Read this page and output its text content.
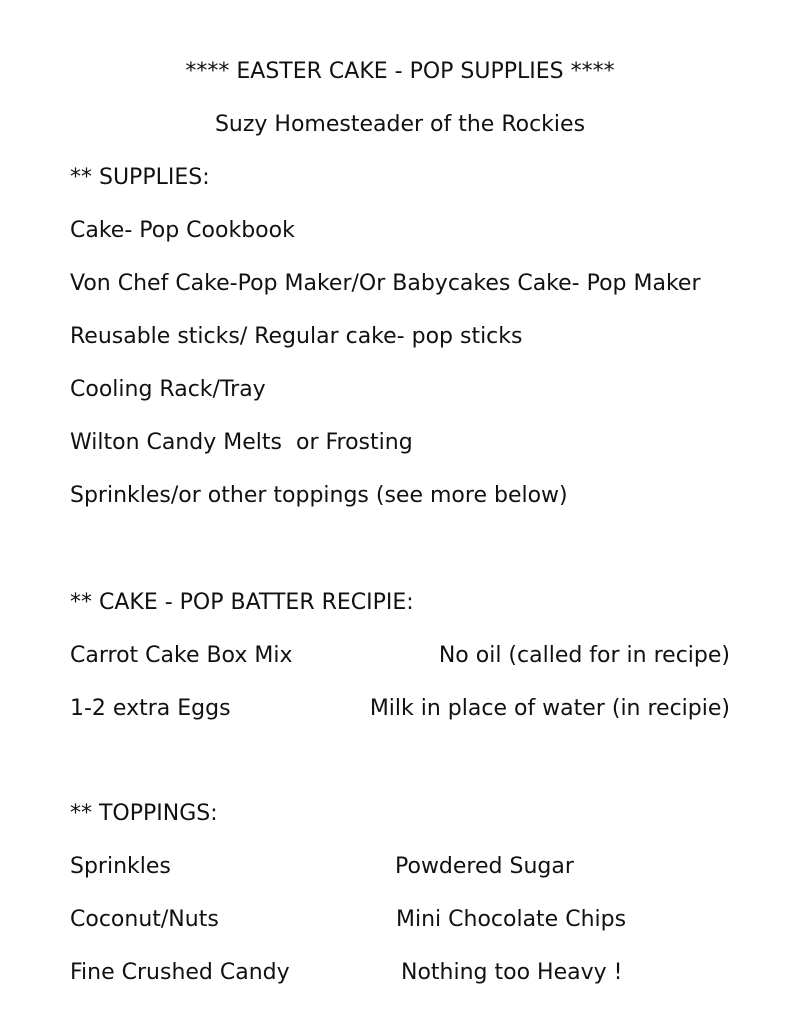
**** EASTER CAKE - POP SUPPLIES ****
Suzy Homesteader of the Rockies
** SUPPLIES:
Cake- Pop Cookbook
Von Chef Cake-Pop Maker/Or Babycakes Cake- Pop Maker
Reusable sticks/ Regular cake- pop sticks
Cooling Rack/Tray
Wilton Candy Melts  or Frosting
Sprinkles/or other toppings (see more below)
** CAKE - POP BATTER RECIPIE:
Carrot Cake Box Mix	No oil (called for in recipe)
1-2 extra Eggs	Milk in place of water (in recipie)
** TOPPINGS:
Sprinkles	Powdered Sugar
Coconut/Nuts	Mini Chocolate Chips
Fine Crushed Candy	Nothing too Heavy !
